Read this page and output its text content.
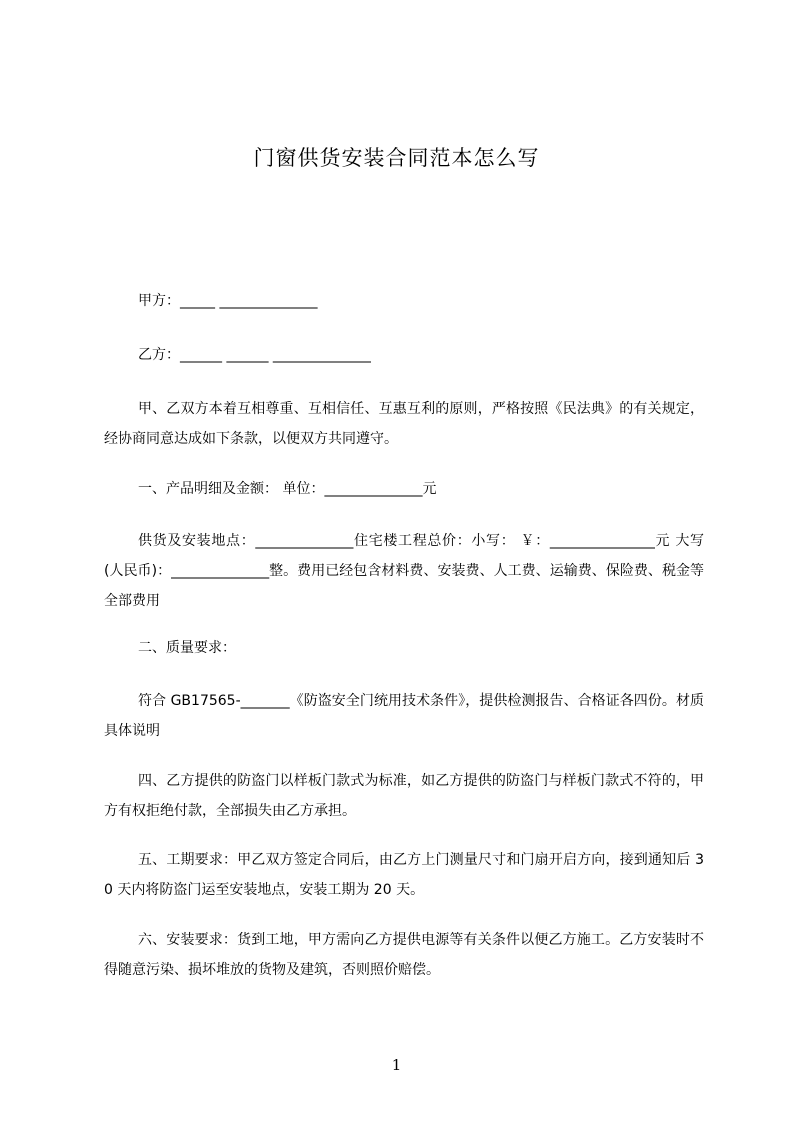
门窗供货安装合同范本怎么写
甲方：_____ ______________
乙方：______ ______ ______________
甲、乙双方本着互相尊重、互相信任、互惠互利的原则，严格按照《民法典》的有关规定，经协商同意达成如下条款，以便双方共同遵守。
一、产品明细及金额： 单位：______________元
供货及安装地点：______________住宅楼工程总价：小写： ￥：_______________元 大写(人民币)：______________整。费用已经包含材料费、安装费、人工费、运输费、保险费、税金等全部费用
二、质量要求：
符合 GB17565-_______《防盗安全门统用技术条件》，提供检测报告、合格证各四份。材质具体说明
四、乙方提供的防盗门以样板门款式为标准，如乙方提供的防盗门与样板门款式不符的，甲方有权拒绝付款，全部损失由乙方承担。
五、工期要求：甲乙双方签定合同后，由乙方上门测量尺寸和门扇开启方向，接到通知后 30 天内将防盗门运至安装地点，安装工期为 20 天。
六、安装要求：货到工地，甲方需向乙方提供电源等有关条件以便乙方施工。乙方安装时不得随意污染、损坏堆放的货物及建筑，否则照价赔偿。
1
